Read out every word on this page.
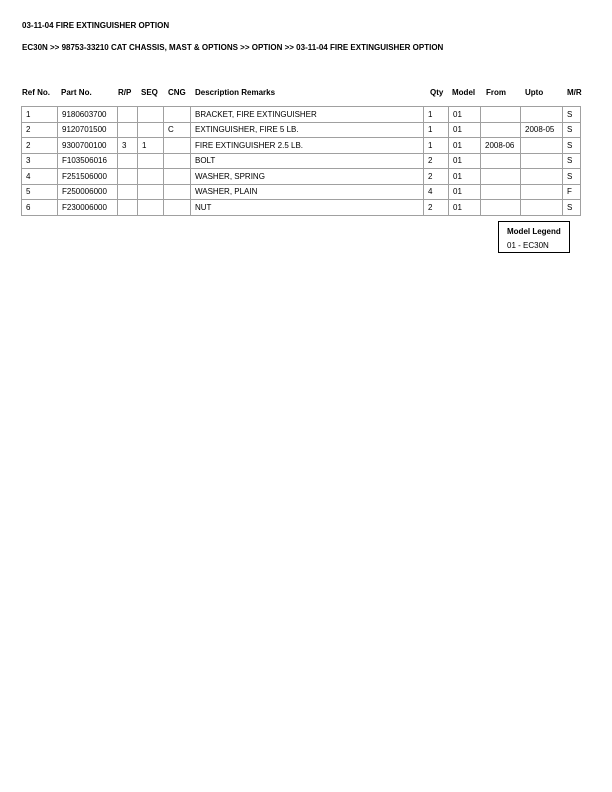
03-11-04 FIRE EXTINGUISHER OPTION
EC30N >> 98753-33210 CAT CHASSIS, MAST & OPTIONS >> OPTION >> 03-11-04 FIRE EXTINGUISHER OPTION
Ref No. Part No.	R/P SEQ CNG Description Remarks	Qty Model From Upto	M/R
1	9180603700				BRACKET, FIRE EXTINGUISHER	1	01			S
2	9120701500			C	EXTINGUISHER, FIRE 5 LB.	1	01		2008-05	S
2	9300700100	3	1		FIRE EXTINGUISHER 2.5 LB.	1	01	2008-06		S
3	F103506016				BOLT	2	01			S
4	F251506000				WASHER, SPRING	2	01			S
5	F250006000				WASHER, PLAIN	4	01			F
6	F230006000				NUT	2	01			S
Model Legend
01 - EC30N
